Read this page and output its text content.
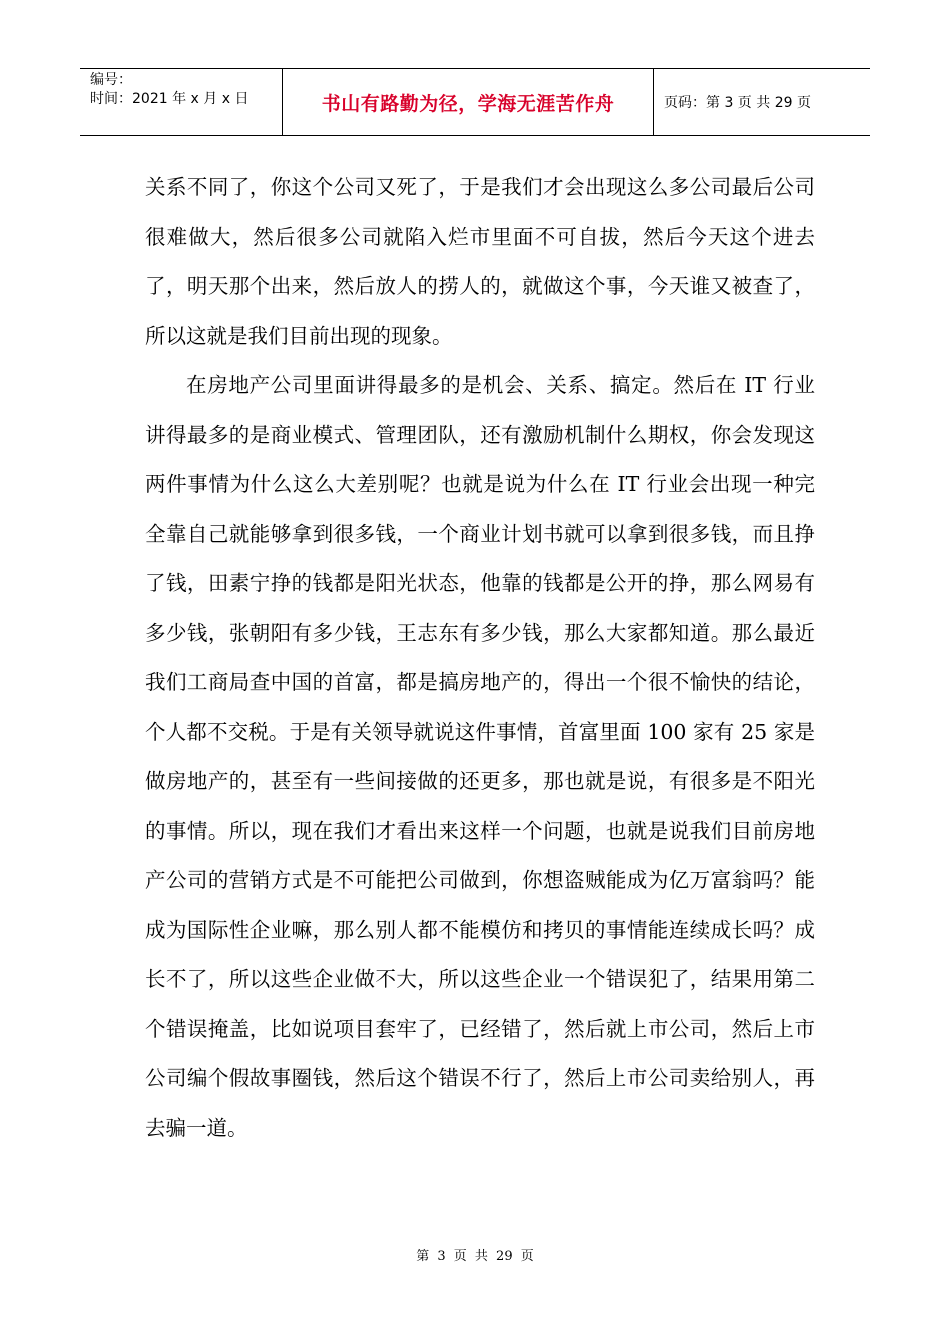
编号：
时间：2021 年 x 月 x 日	书山有路勤为径，学海无涯苦作舟	页码：第 3 页 共 29 页

关系不同了，你这个公司又死了，于是我们才会出现这么多公司最后公司很难做大，然后很多公司就陷入烂市里面不可自拔，然后今天这个进去了，明天那个出来，然后放人的捞人的，就做这个事，今天谁又被查了，所以这就是我们目前出现的现象。

在房地产公司里面讲得最多的是机会、关系、搞定。然后在 IT 行业讲得最多的是商业模式、管理团队，还有激励机制什么期权，你会发现这两件事情为什么这么大差别呢？也就是说为什么在 IT 行业会出现一种完全靠自己就能够拿到很多钱，一个商业计划书就可以拿到很多钱，而且挣了钱，田素宁挣的钱都是阳光状态，他靠的钱都是公开的挣，那么网易有多少钱，张朝阳有多少钱，王志东有多少钱，那么大家都知道。那么最近我们工商局查中国的首富，都是搞房地产的，得出一个很不愉快的结论，个人都不交税。于是有关领导就说这件事情，首富里面 100 家有 25 家是做房地产的，甚至有一些间接做的还更多，那也就是说，有很多是不阳光的事情。所以，现在我们才看出来这样一个问题，也就是说我们目前房地产公司的营销方式是不可能把公司做到，你想盗贼能成为亿万富翁吗？能成为国际性企业嘛，那么别人都不能模仿和拷贝的事情能连续成长吗？成长不了，所以这些企业做不大，所以这些企业一个错误犯了，结果用第二个错误掩盖，比如说项目套牢了，已经错了，然后就上市公司，然后上市公司编个假故事圈钱，然后这个错误不行了，然后上市公司卖给别人，再去骗一道。

第 3 页 共 29 页
